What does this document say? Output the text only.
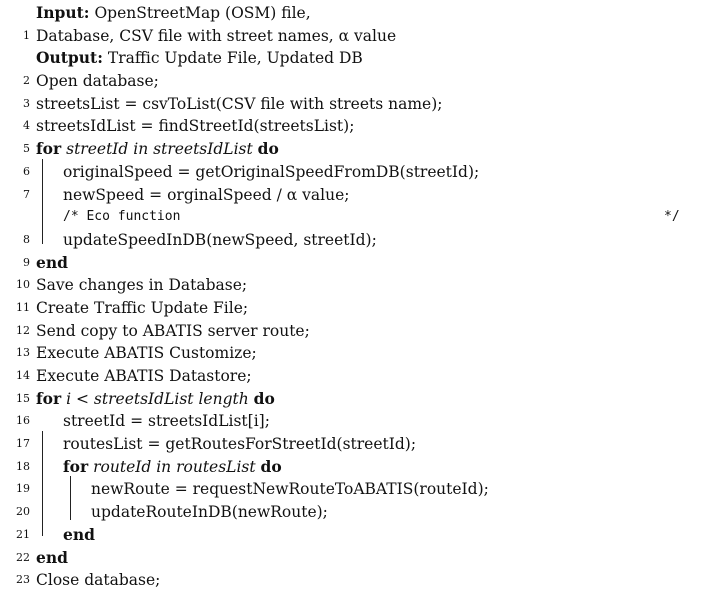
Input: OpenStreetMap (OSM) file,
1 Database, CSV file with street names, α value
Output: Traffic Update File, Updated DB
2 Open database;
3 streetsList = csvToList(CSV file with streets name);
4 streetsIdList = findStreetId(streetsList);
5 for streetId in streetsIdList do
6 originalSpeed = getOriginalSpeedFromDB(streetId);
7 newSpeed = orginalSpeed / α value;
/* Eco function	*/
8 updateSpeedInDB(newSpeed, streetId);
9 end
10 Save changes in Database;
11 Create Traffic Update File;
12 Send copy to ABATIS server route;
13 Execute ABATIS Customize;
14 Execute ABATIS Datastore;
15 for i < streetsIdList length do
16 streetId = streetsIdList[i];
17 routesList = getRoutesForStreetId(streetId);
18 for routeId in routesList do
19	newRoute = requestNewRouteToABATIS(routeId);
20	updateRouteInDB(newRoute);
21 end
22 end
23 Close database;
